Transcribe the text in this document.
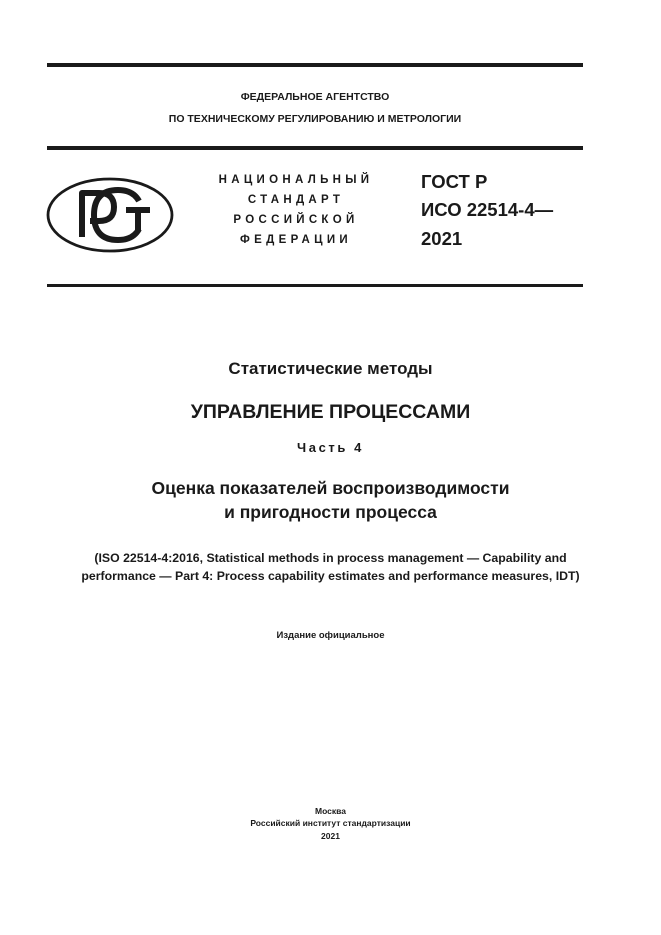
ФЕДЕРАЛЬНОЕ АГЕНТСТВО
ПО ТЕХНИЧЕСКОМУ РЕГУЛИРОВАНИЮ И МЕТРОЛОГИИ
НАЦИОНАЛЬНЫЙ
СТАНДАРТ
РОССИЙСКОЙ
ФЕДЕРАЦИИ
ГОСТ Р
ИСО 22514-4—
2021
Статистические методы
УПРАВЛЕНИЕ ПРОЦЕССАМИ
Часть 4
Оценка показателей воспроизводимости
и пригодности процесса
(ISO 22514-4:2016, Statistical methods in process management — Capability and
performance — Part 4: Process capability estimates and performance measures, IDT)
Издание официальное
Москва
Российский институт стандартизации
2021
